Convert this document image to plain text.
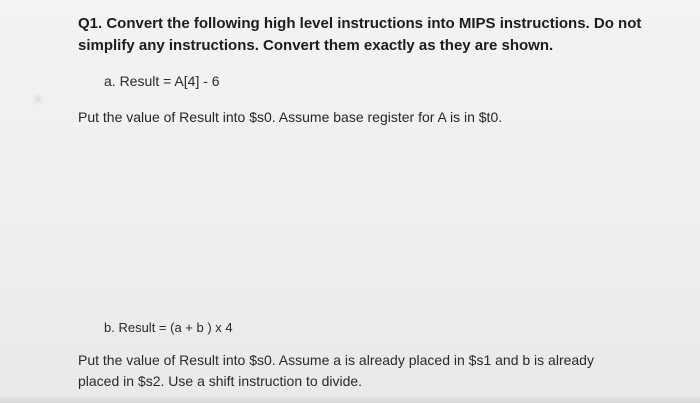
Q1. Convert the following high level instructions into MIPS instructions. Do not simplify any instructions. Convert them exactly as they are shown.
a. Result = A[4] - 6
Put the value of Result into $s0. Assume base register for A is in $t0.
b. Result = (a + b ) x 4
Put the value of Result into $s0. Assume a is already placed in $s1 and b is already placed in $s2. Use a shift instruction to divide.
